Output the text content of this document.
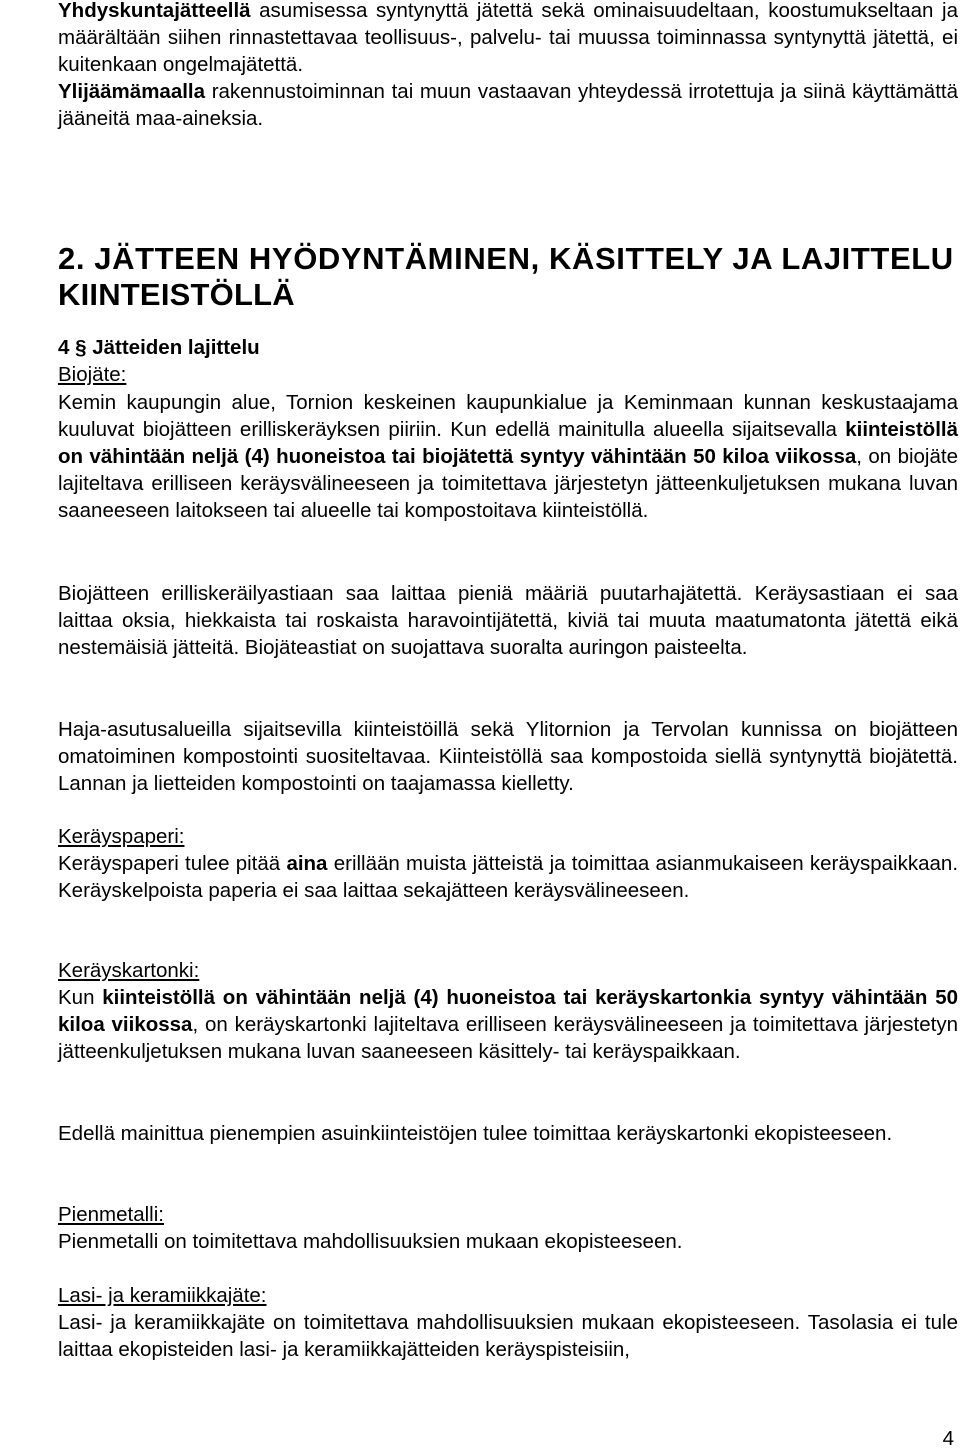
Yhdyskuntajätteellä asumisessa syntynyttä jätettä sekä ominaisuudeltaan, koostumukseltaan ja määrältään siihen rinnastettavaa teollisuus-, palvelu- tai muussa toiminnassa syntynyttä jätettä, ei kuitenkaan ongelmajätettä.

Ylijäämämaalla rakennustoiminnan tai muun vastaavan yhteydessä irrotettuja ja siinä käyttämättä jääneitä maa-aineksia.

2. JÄTTEEN HYÖDYNTÄMINEN, KÄSITTELY JA LAJITTELU

KIINTEISTÖLLÄ

4 § Jätteiden lajittelu

Biojäte:

Kemin kaupungin alue, Tornion keskeinen kaupunkialue ja Keminmaan kunnan keskustaajama kuuluvat biojätteen erilliskeräyksen piiriin. Kun edellä mainitulla alueella sijaitsevalla kiinteistöllä on vähintään neljä (4) huoneistoa tai biojätettä syntyy vähintään 50 kiloa viikossa, on biojäte lajiteltava erilliseen keräysvälineeseen ja toimitettava järjestetyn jätteenkuljetuksen mukana luvan saaneeseen laitokseen tai alueelle tai kompostoitava kiinteistöllä.

Biojätteen erilliskeräilyastiaan saa laittaa pieniä määriä puutarhajätettä. Keräysastiaan ei saa laittaa oksia, hiekkaista tai roskaista haravointijätettä, kiviä tai muuta maatumatonta jätettä eikä nestemäisiä jätteitä. Biojäteastiat on suojattava suoralta auringon paisteelta.

Haja-asutusalueilla sijaitsevilla kiinteistöillä sekä Ylitornion ja Tervolan kunnissa on biojätteen omatoiminen kompostointi suositeltavaa. Kiinteistöllä saa kompostoida siellä syntynyttä biojätettä. Lannan ja lietteiden kompostointi on taajamassa kielletty.

Keräyspaperi:

Keräyspaperi tulee pitää aina erillään muista jätteistä ja toimittaa asianmukaiseen keräyspaikkaan. Keräyskelpoista paperia ei saa laittaa sekajätteen keräysvälineeseen.

Keräyskartonki:

Kun kiinteistöllä on vähintään neljä (4) huoneistoa tai keräyskartonkia syntyy vähintään 50 kiloa viikossa, on keräyskartonki lajiteltava erilliseen keräysvälineeseen ja toimitettava järjestetyn jätteenkuljetuksen mukana luvan saaneeseen käsittely- tai keräyspaikkaan.

Edellä mainittua pienempien asuinkiinteistöjen tulee toimittaa keräyskartonki ekopisteeseen.

Pienmetalli:

Pienmetalli on toimitettava mahdollisuuksien mukaan ekopisteeseen.

Lasi- ja keramiikkajäte:

Lasi- ja keramiikkajäte on toimitettava mahdollisuuksien mukaan ekopisteeseen. Tasolasia ei tule laittaa ekopisteiden lasi- ja keramiikkajätteiden keräyspisteisiin,

4
